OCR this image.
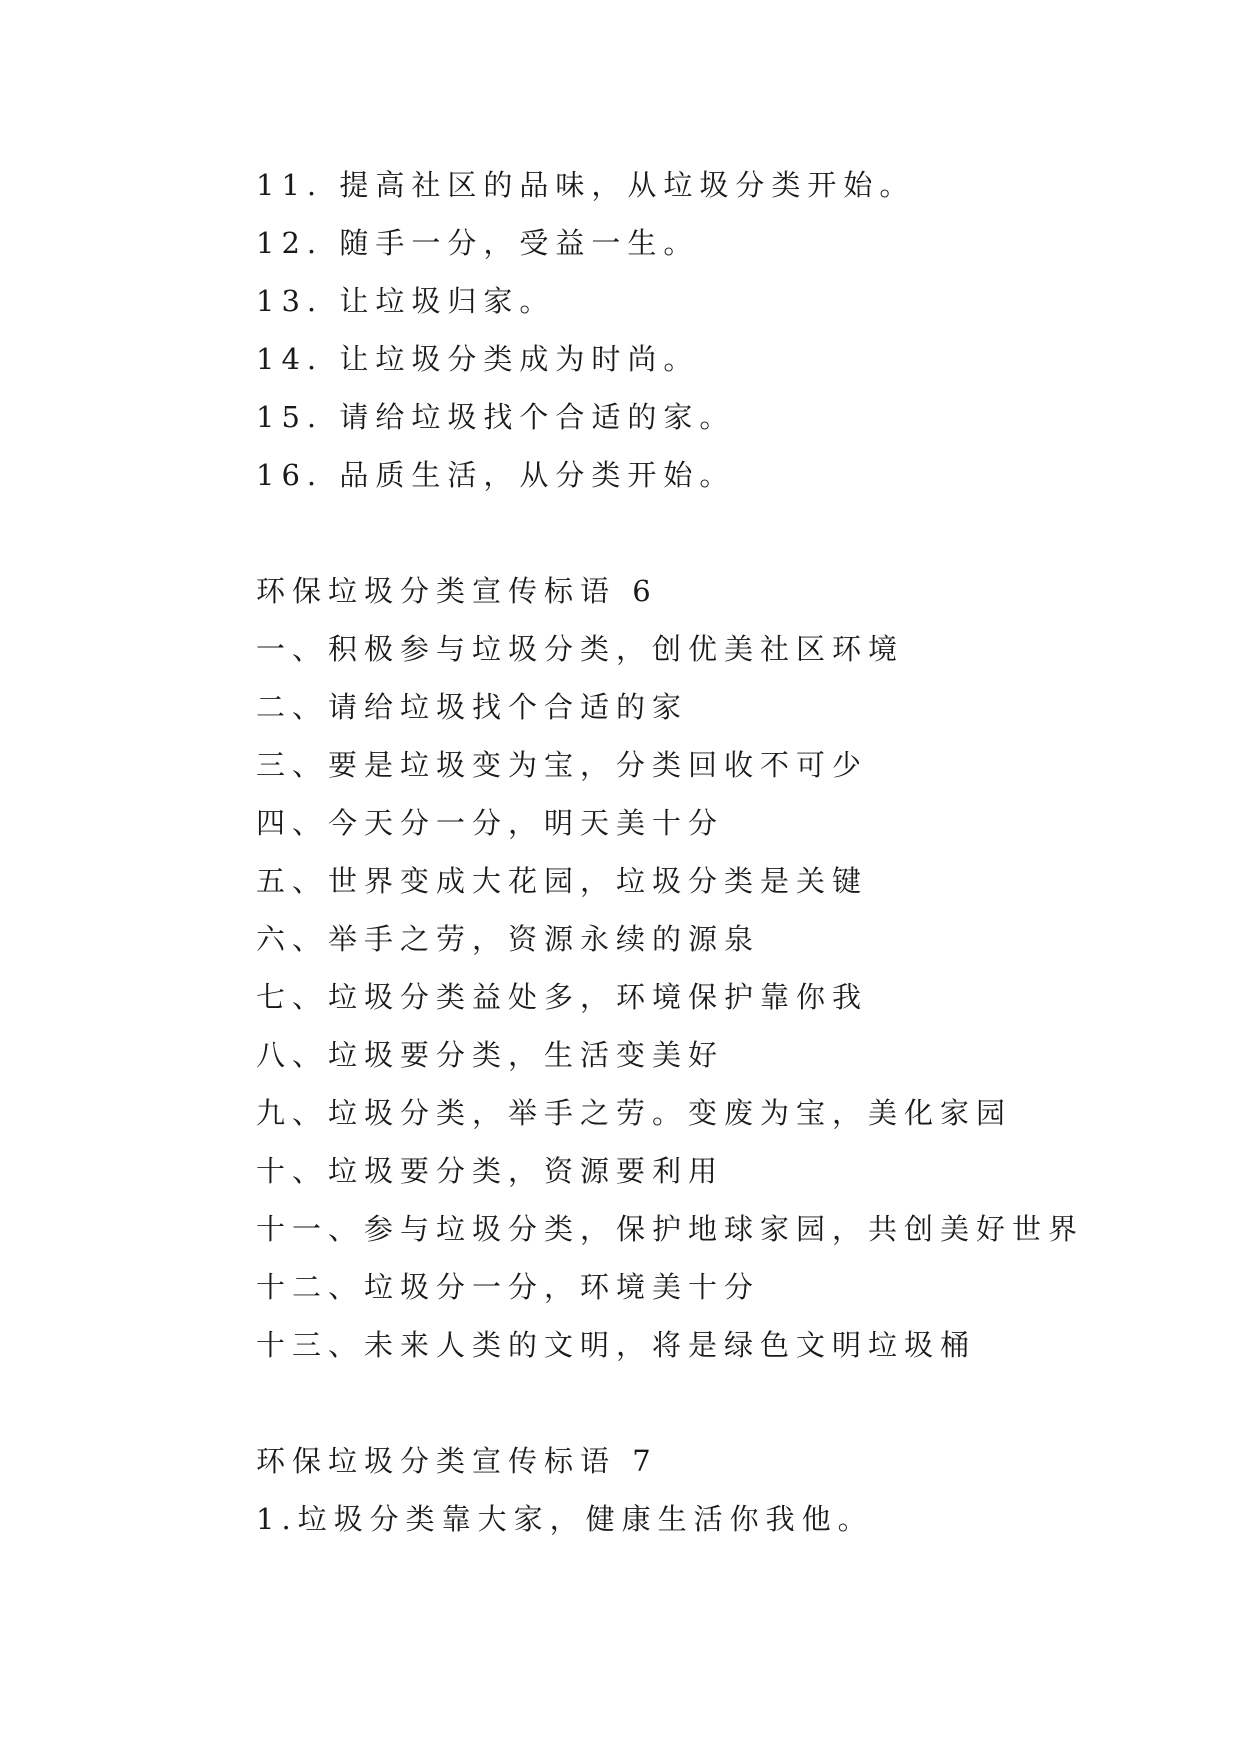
11. 提高社区的品味，从垃圾分类开始。
12. 随手一分，受益一生。
13. 让垃圾归家。
14. 让垃圾分类成为时尚。
15. 请给垃圾找个合适的家。
16. 品质生活，从分类开始。
环保垃圾分类宣传标语 6
一、积极参与垃圾分类，创优美社区环境
二、请给垃圾找个合适的家
三、要是垃圾变为宝，分类回收不可少
四、今天分一分，明天美十分
五、世界变成大花园，垃圾分类是关键
六、举手之劳，资源永续的源泉
七、垃圾分类益处多，环境保护靠你我
八、垃圾要分类，生活变美好
九、垃圾分类，举手之劳。变废为宝，美化家园
十、垃圾要分类，资源要利用
十一、参与垃圾分类，保护地球家园，共创美好世界
十二、垃圾分一分，环境美十分
十三、未来人类的文明，将是绿色文明垃圾桶
环保垃圾分类宣传标语 7
1.垃圾分类靠大家，健康生活你我他。
